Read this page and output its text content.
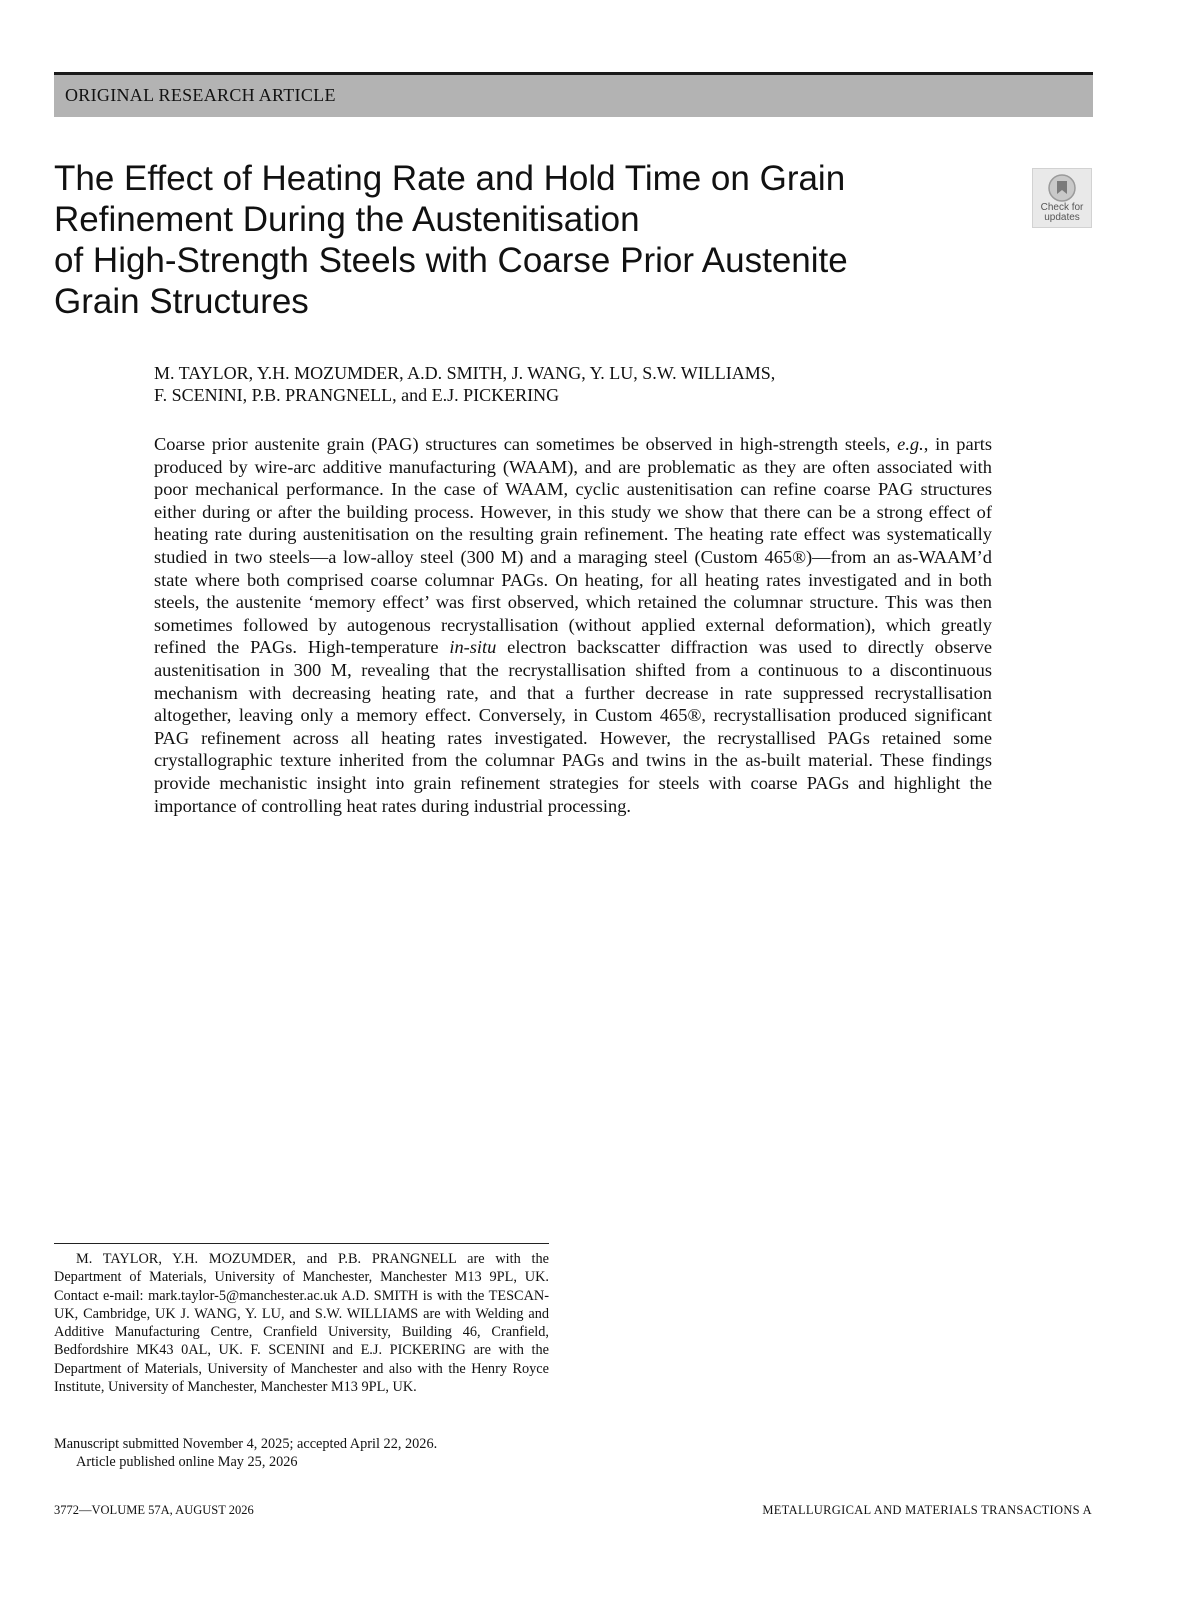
ORIGINAL RESEARCH ARTICLE
The Effect of Heating Rate and Hold Time on Grain
Refinement During the Austenitisation
of High-Strength Steels with Coarse Prior Austenite
Grain Structures
Check for
updates
M. TAYLOR, Y.H. MOZUMDER, A.D. SMITH, J. WANG, Y. LU, S.W. WILLIAMS,
F. SCENINI, P.B. PRANGNELL, and E.J. PICKERING

Coarse prior austenite grain (PAG) structures can sometimes be observed in high-strength steels, e.g., in parts produced by wire-arc additive manufacturing (WAAM), and are problematic as they are often associated with poor mechanical performance. In the case of WAAM, cyclic austenitisation can refine coarse PAG structures either during or after the building process. However, in this study we show that there can be a strong effect of heating rate during austenitisation on the resulting grain refinement. The heating rate effect was systematically studied in two steels—a low-alloy steel (300 M) and a maraging steel (Custom 465®)—from an as-WAAM’d state where both comprised coarse columnar PAGs. On heating, for all heating rates investigated and in both steels, the austenite ‘memory effect’ was first observed, which retained the columnar structure. This was then sometimes followed by autogenous recrystallisation (without applied external deformation), which greatly refined the PAGs. High-temperature in-situ electron backscatter diffraction was used to directly observe austenitisation in 300 M, revealing that the recrystallisation shifted from a continuous to a discontinuous mechanism with decreasing heating rate, and that a further decrease in rate suppressed recrystallisation altogether, leaving only a memory effect. Conversely, in Custom 465®, recrystallisation produced significant PAG refinement across all heating rates investigated. However, the recrystallised PAGs retained some crystallographic texture inherited from the columnar PAGs and twins in the as-built material. These findings provide mechanistic insight into grain refinement strategies for steels with coarse PAGs and highlight the importance of controlling heat rates during industrial processing.

M. TAYLOR, Y.H. MOZUMDER, and P.B. PRANGNELL are with the Department of Materials, University of Manchester, Manchester M13 9PL, UK. Contact e-mail: mark.taylor-5@manchester.ac.uk A.D. SMITH is with the TESCAN-UK, Cambridge, UK J. WANG, Y. LU, and S.W. WILLIAMS are with Welding and Additive Manufacturing Centre, Cranfield University, Building 46, Cranfield, Bedfordshire MK43 0AL, UK. F. SCENINI and E.J. PICKERING are with the Department of Materials, University of Manchester and also with the Henry Royce Institute, University of Manchester, Manchester M13 9PL, UK.

Manuscript submitted November 4, 2025; accepted April 22, 2026.
Article published online May 25, 2026
3772—VOLUME 57A, AUGUST 2026	METALLURGICAL AND MATERIALS TRANSACTIONS A
